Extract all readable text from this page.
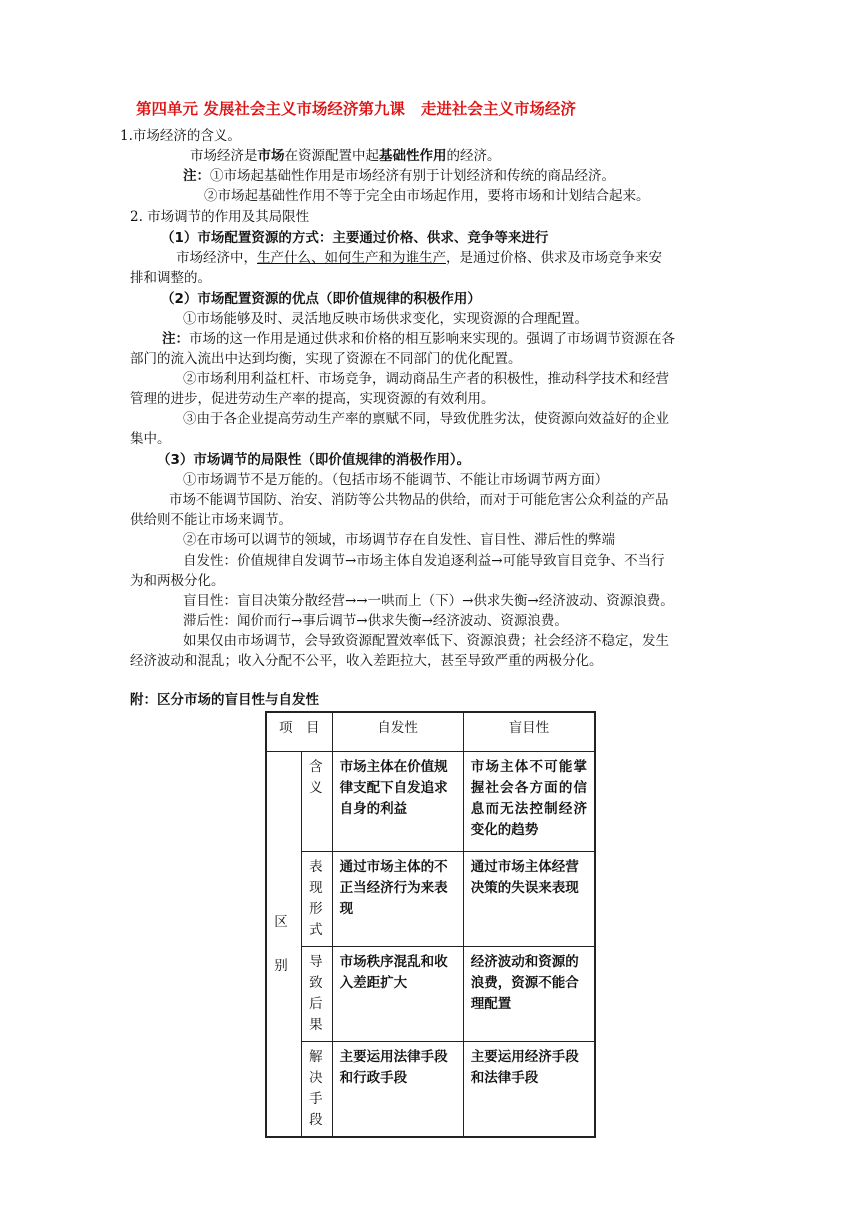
第四单元 发展社会主义市场经济第九课 走进社会主义市场经济
1.市场经济的含义。
市场经济是市场在资源配置中起基础性作用的经济。
注：①市场起基础性作用是市场经济有别于计划经济和传统的商品经济。
②市场起基础性作用不等于完全由市场起作用，要将市场和计划结合起来。
2. 市场调节的作用及其局限性
（1）市场配置资源的方式：主要通过价格、供求、竞争等来进行
市场经济中，生产什么、如何生产和为谁生产，是通过价格、供求及市场竞争来安
排和调整的。
（2）市场配置资源的优点（即价值规律的积极作用）
①市场能够及时、灵活地反映市场供求变化，实现资源的合理配置。
注：市场的这一作用是通过供求和价格的相互影响来实现的。强调了市场调节资源在各
部门的流入流出中达到均衡，实现了资源在不同部门的优化配置。
②市场利用利益杠杆、市场竞争，调动商品生产者的积极性，推动科学技术和经营
管理的进步，促进劳动生产率的提高，实现资源的有效利用。
③由于各企业提高劳动生产率的禀赋不同，导致优胜劣汰，使资源向效益好的企业
集中。
（3）市场调节的局限性（即价值规律的消极作用）。
①市场调节不是万能的。（包括市场不能调节、不能让市场调节两方面）
市场不能调节国防、治安、消防等公共物品的供给，而对于可能危害公众利益的产品
供给则不能让市场来调节。
②在市场可以调节的领域，市场调节存在自发性、盲目性、滞后性的弊端
自发性：价值规律自发调节→市场主体自发追逐利益→可能导致盲目竞争、不当行
为和两极分化。
盲目性：盲目决策分散经营→→一哄而上（下）→供求失衡→经济波动、资源浪费。
滞后性：闻价而行→事后调节→供求失衡→经济波动、资源浪费。
如果仅由市场调节，会导致资源配置效率低下、资源浪费；社会经济不稳定，发生
经济波动和混乱；收入分配不公平，收入差距拉大，甚至导致严重的两极分化。
附：区分市场的盲目性与自发性
项　目		自发性	盲目性

区别	含义	市场主体在价值规律支配下自发追求自身的利益	市场主体不可能掌握社会各方面的信息而无法控制经济变化的趋势

	表现形式	通过市场主体的不正当经济行为来表现	通过市场主体经营决策的失误来表现

	导致后果	市场秩序混乱和收入差距扩大	经济波动和资源的浪费，资源不能合理配置

	解决手段	主要运用法律手段和行政手段	主要运用经济手段和法律手段
